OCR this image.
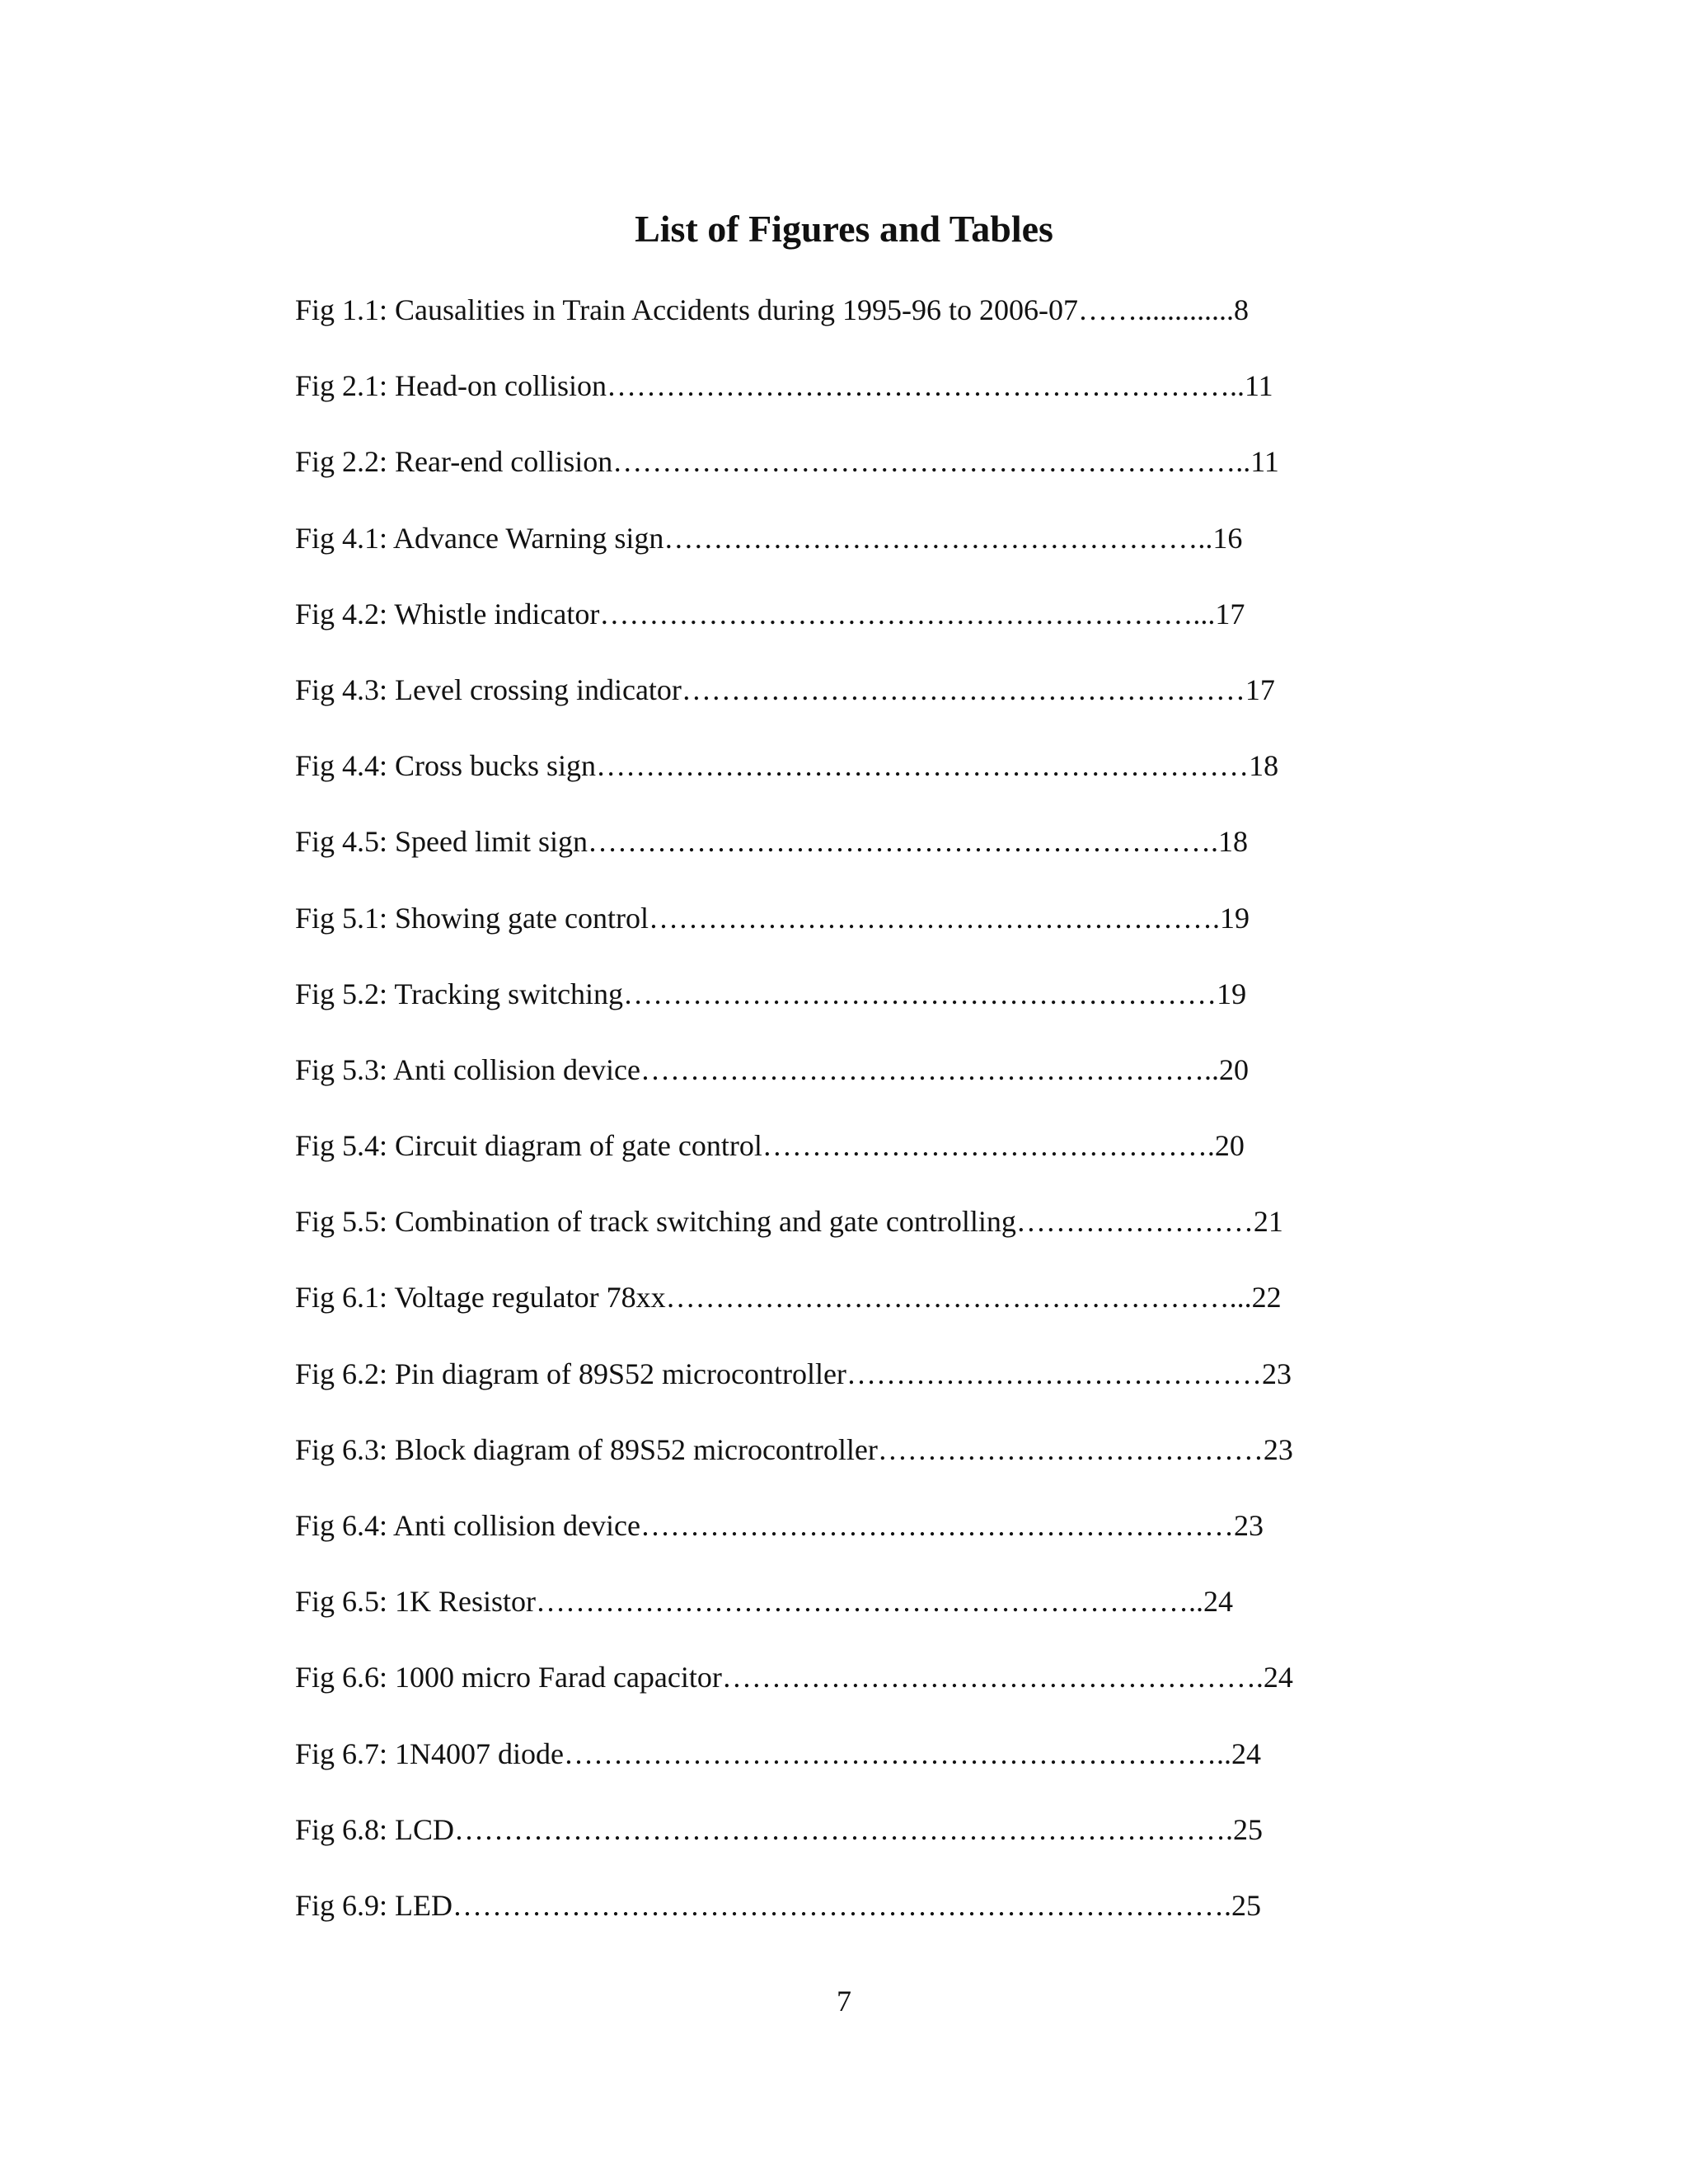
List of Figures and Tables
Fig 1.1: Causalities in Train Accidents during 1995-96 to 2006-07…….............8
Fig 2.1: Head-on collision………………………………………………………..11
Fig 2.2: Rear-end collision………………………………………………………..11
Fig 4.1: Advance Warning sign………………………………………………..16
Fig 4.2: Whistle indicator……………………………………………………...17
Fig 4.3: Level crossing indicator…………………………………………………17
Fig 4.4: Cross bucks sign…………………………………………………………18
Fig 4.5: Speed limit sign……………………………………………………….18
Fig 5.1: Showing gate control………………………………………………….19
Fig 5.2: Tracking switching……………………………………………………19
Fig 5.3: Anti collision device…………………………………………………..20
Fig 5.4: Circuit diagram of gate control……………………………………….20
Fig 5.5: Combination of track switching and gate controlling……………………21
Fig 6.1: Voltage regulator 78xx…………………………………………………...22
Fig 6.2: Pin diagram of 89S52 microcontroller……………………………………23
Fig 6.3: Block diagram of 89S52 microcontroller…………………………………23
Fig 6.4: Anti collision device……………………………………………………23
Fig 6.5: 1K Resistor…………………………………………………………..24
Fig 6.6: 1000 micro Farad capacitor……………………………………………….24
Fig 6.7: 1N4007 diode…………………………………………………………..24
Fig 6.8: LCD…………………………………………………………………….25
Fig 6.9: LED…………………………………………………………………….25
7
